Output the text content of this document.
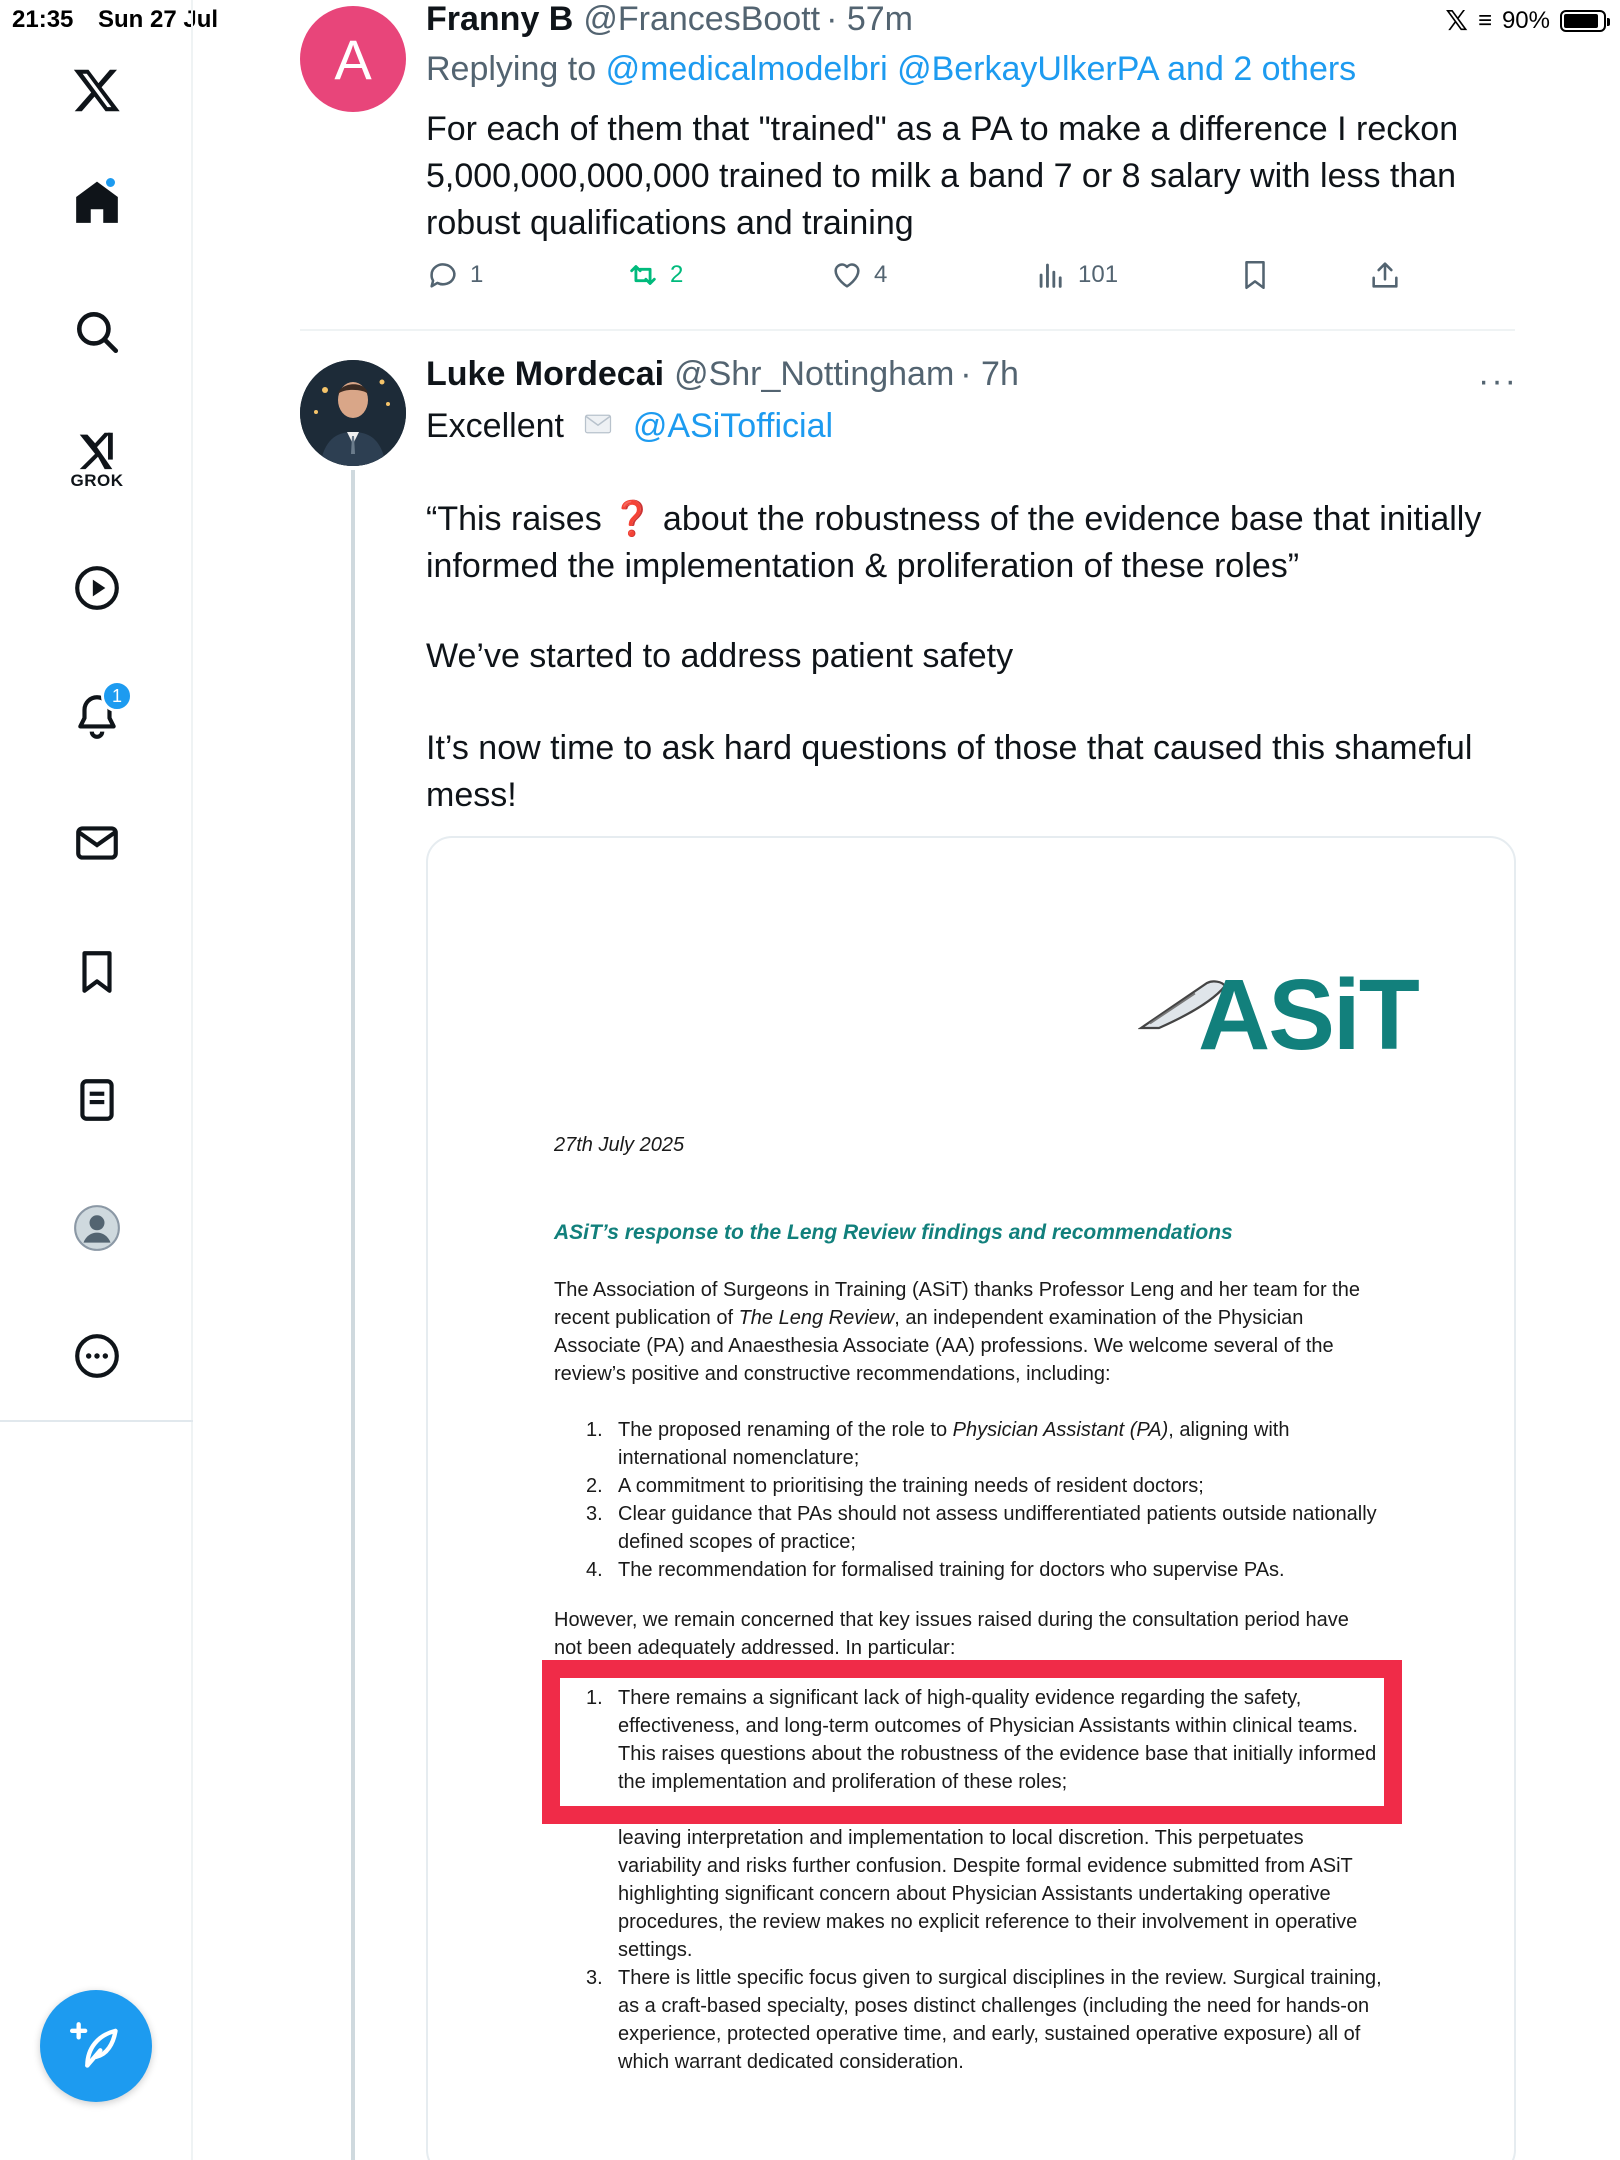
21:35 Sun 27 Jul	𝕏 ≡ 90%
GROK
1
A
Franny B @FrancesBoott · 57m
Replying to @medicalmodelbri @BerkayUlkerPA and 2 others
For each of them that "trained" as a PA to make a difference I reckon 5,000,000,000,000 trained to milk a band 7 or 8 salary with less than robust qualifications and training
1	2	4	101
Luke Mordecai @Shr_Nottingham · 7h	···
Excellent @ASiTofficial
“This raises ❓ about the robustness of the evidence base that initially informed the implementation & proliferation of these roles”
We’ve started to address patient safety
It’s now time to ask hard questions of those that caused this shameful mess!
ASiT
27th July 2025
ASiT’s response to the Leng Review findings and recommendations
The Association of Surgeons in Training (ASiT) thanks Professor Leng and her team for the recent publication of The Leng Review, an independent examination of the Physician Associate (PA) and Anaesthesia Associate (AA) professions. We welcome several of the review’s positive and constructive recommendations, including:
1. The proposed renaming of the role to Physician Assistant (PA), aligning with international nomenclature;
2. A commitment to prioritising the training needs of resident doctors;
3. Clear guidance that PAs should not assess undifferentiated patients outside nationally defined scopes of practice;
4. The recommendation for formalised training for doctors who supervise PAs.
However, we remain concerned that key issues raised during the consultation period have not been adequately addressed. In particular:
1. There remains a significant lack of high-quality evidence regarding the safety, effectiveness, and long-term outcomes of Physician Assistants within clinical teams. This raises questions about the robustness of the evidence base that initially informed the implementation and proliferation of these roles;
leaving interpretation and implementation to local discretion. This perpetuates variability and risks further confusion. Despite formal evidence submitted from ASiT highlighting significant concern about Physician Assistants undertaking operative procedures, the review makes no explicit reference to their involvement in operative settings.
3. There is little specific focus given to surgical disciplines in the review. Surgical training, as a craft-based specialty, poses distinct challenges (including the need for hands-on experience, protected operative time, and early, sustained operative exposure) all of which warrant dedicated consideration.
